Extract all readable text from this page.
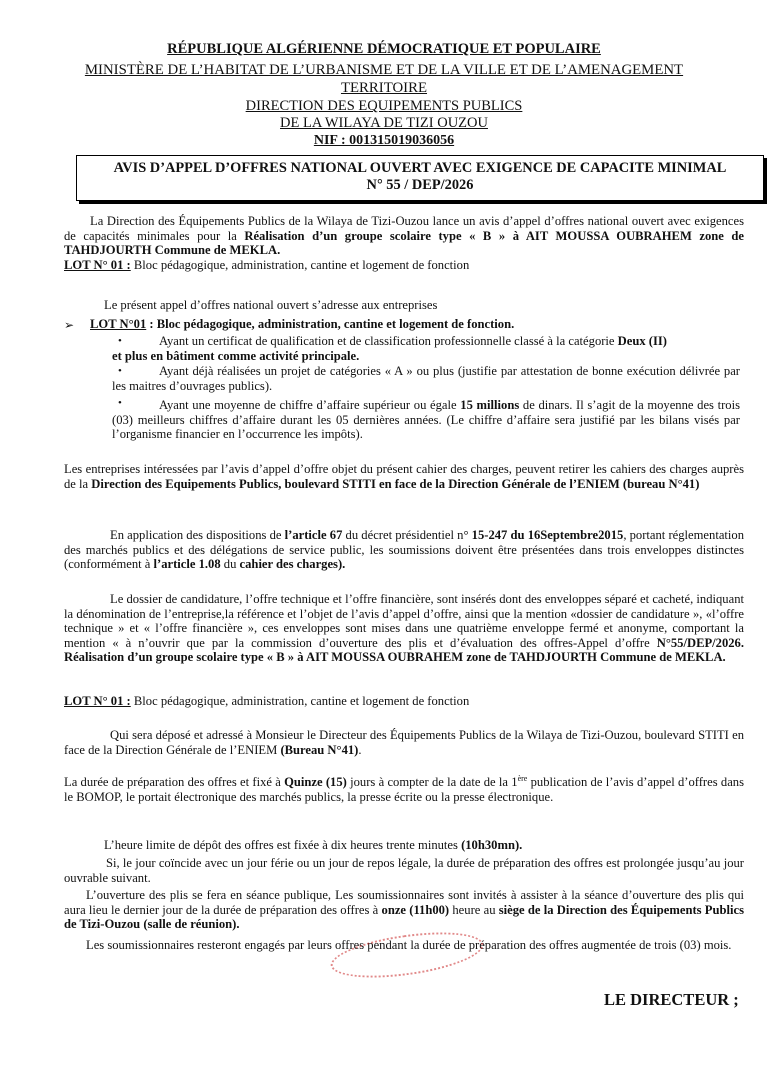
RÉPUBLIQUE ALGÉRIENNE DÉMOCRATIQUE ET POPULAIRE
MINISTÈRE DE L’HABITAT DE L’URBANISME ET DE LA VILLE ET DE L’AMENAGEMENT
TERRITOIRE
DIRECTION DES EQUIPEMENTS PUBLICS
DE LA WILAYA DE TIZI OUZOU
NIF : 001315019036056
AVIS D’APPEL D’OFFRES NATIONAL OUVERT AVEC EXIGENCE DE CAPACITE MINIMAL
N° 55 / DEP/2026
La Direction des Équipements Publics de la Wilaya de Tizi-Ouzou lance un avis d’appel d’offres national ouvert avec exigences de capacités minimales pour la Réalisation d’un groupe scolaire type « B » à AIT MOUSSA OUBRAHEM zone de TAHDJOURTH Commune de MEKLA.
LOT N° 01 : Bloc pédagogique, administration, cantine et logement de fonction
Le présent appel d’offres national ouvert s’adresse aux entreprises
➢ LOT N°01 : Bloc pédagogique, administration, cantine et logement de fonction.
•	Ayant un certificat de qualification et de classification professionnelle classé à la catégorie Deux (II)
et plus en bâtiment comme activité principale.
•	Ayant déjà réalisées un projet de catégories « A » ou plus (justifie par attestation de bonne exécution délivrée par les maitres d’ouvrages publics).
•	Ayant une moyenne de chiffre d’affaire supérieur ou égale 15 millions de dinars. Il s’agit de la moyenne des trois (03) meilleurs chiffres d’affaire durant les 05 dernières années. (Le chiffre d’affaire sera justifié par les bilans visés par l’organisme financier en l’occurrence les impôts).
Les entreprises intéressées par l’avis d’appel d’offre objet du présent cahier des charges, peuvent retirer les cahiers des charges auprès de la Direction des Equipements Publics, boulevard STITI en face de la Direction Générale de l’ENIEM (bureau N°41)
En application des dispositions de l’article 67 du décret présidentiel n° 15-247 du 16Septembre2015, portant réglementation des marchés publics et des délégations de service public, les soumissions doivent être présentées dans trois enveloppes distinctes (conformément à l’article 1.08 du cahier des charges).
Le dossier de candidature, l’offre technique et l’offre financière, sont insérés dont des enveloppes séparé et cacheté, indiquant la dénomination de l’entreprise,la référence et l’objet de l’avis d’appel d’offre, ainsi que la mention «dossier de candidature », «l’offre technique » et « l’offre financière », ces enveloppes sont mises dans une quatrième enveloppe fermé et anonyme, comportant la mention « à n’ouvrir que par la commission d’ouverture des plis et d’évaluation des offres-Appel d’offre N°55/DEP/2026. Réalisation d’un groupe scolaire type « B » à AIT MOUSSA OUBRAHEM zone de TAHDJOURTH Commune de MEKLA.
LOT N° 01 : Bloc pédagogique, administration, cantine et logement de fonction
Qui sera déposé et adressé à Monsieur le Directeur des Équipements Publics de la Wilaya de Tizi-Ouzou, boulevard STITI en face de la Direction Générale de l’ENIEM (Bureau N°41).
La durée de préparation des offres et fixé à Quinze (15) jours à compter de la date de la 1ère publication de l’avis d’appel d’offres dans le BOMOP, le portait électronique des marchés publics, la presse écrite ou la presse électronique.
L’heure limite de dépôt des offres est fixée à dix heures trente minutes (10h30mn).
Si, le jour coïncide avec un jour férie ou un jour de repos légale, la durée de préparation des offres est prolongée jusqu’au jour ouvrable suivant.
L’ouverture des plis se fera en séance publique, Les soumissionnaires sont invités à assister à la séance d’ouverture des plis qui aura lieu le dernier jour de la durée de préparation des offres à onze (11h00) heure au siège de la Direction des Équipements Publics de Tizi-Ouzou (salle de réunion).
Les soumissionnaires resteront engagés par leurs offres pendant la durée de préparation des offres augmentée de trois (03) mois.
LE DIRECTEUR ;
